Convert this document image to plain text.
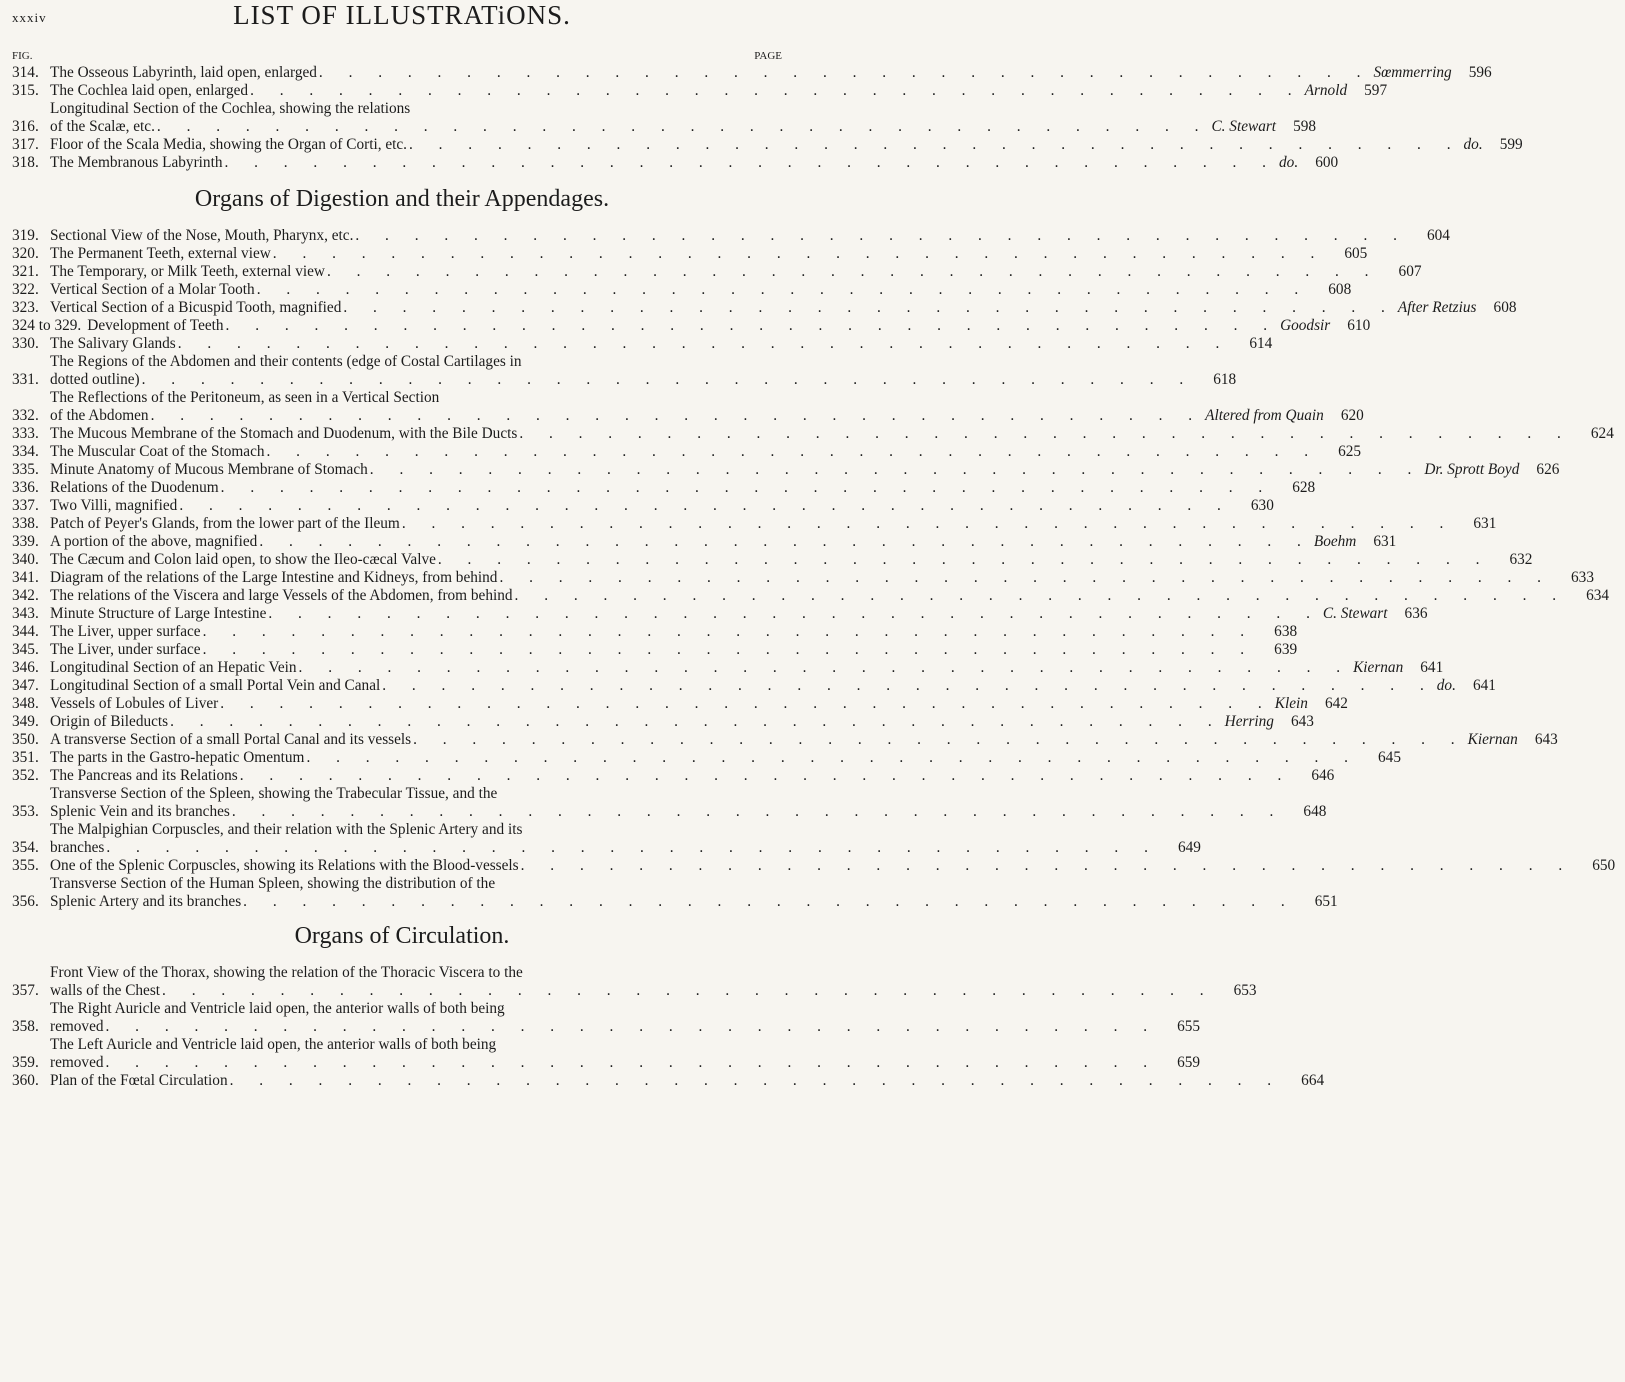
xxxiv	LIST OF ILLUSTRATiONS.
FIG.	PAGE
314. The Osseous Labyrinth, laid open, enlarged . . . . . . . . . . . . . . . . . . . . . . . . . . . . . . . . . . . . Sœmmerring	596
315. The Cochlea laid open, enlarged . . . . . . . . . . . . . . . . . . . . . . . . . . . . . . . . . . . . Arnold	597
316.
Longitudinal Section of the Cochlea, showing the relations
of the Scalæ, etc. . . . . . . . . . . . . . . . . . . . . . . . . . . . . . . . . . . . . C. Stewart	598
317. Floor of the Scala Media, showing the Organ of Corti, etc. . . . . . . . . . . . . . . . . . . . . . . . . . . . . . . . . . . . . do.	599
318. The Membranous Labyrinth . . . . . . . . . . . . . . . . . . . . . . . . . . . . . . . . . . . . do.	600
Organs of Digestion and their Appendages.
319. Sectional View of the Nose, Mouth, Pharynx, etc. . . . . . . . . . . . . . . . . . . . . . . . . . . . . . . . . . . . .	604
320. The Permanent Teeth, external view . . . . . . . . . . . . . . . . . . . . . . . . . . . . . . . . . . . .	605
321. The Temporary, or Milk Teeth, external view . . . . . . . . . . . . . . . . . . . . . . . . . . . . . . . . . . . .	607
322. Vertical Section of a Molar Tooth . . . . . . . . . . . . . . . . . . . . . . . . . . . . . . . . . . . .	608
323. Vertical Section of a Bicuspid Tooth, magnified . . . . . . . . . . . . . . . . . . . . . . . . . . . . . . . . . . . . After Retzius	608
324 to 329. Development of Teeth . . . . . . . . . . . . . . . . . . . . . . . . . . . . . . . . . . . . Goodsir	610
330. The Salivary Glands . . . . . . . . . . . . . . . . . . . . . . . . . . . . . . . . . . . .	614
331.
The Regions of the Abdomen and their contents (edge of Costal Cartilages in
dotted outline) . . . . . . . . . . . . . . . . . . . . . . . . . . . . . . . . . . . .	618
332.
The Reflections of the Peritoneum, as seen in a Vertical Section
of the Abdomen . . . . . . . . . . . . . . . . . . . . . . . . . . . . . . . . . . . . Altered from Quain	620
333. The Mucous Membrane of the Stomach and Duodenum, with the Bile Ducts . . . . . . . . . . . . . . . . . . . . . . . . . . . . . . . . . . . .	624
334. The Muscular Coat of the Stomach . . . . . . . . . . . . . . . . . . . . . . . . . . . . . . . . . . . .	625
335. Minute Anatomy of Mucous Membrane of Stomach . . . . . . . . . . . . . . . . . . . . . . . . . . . . . . . . . . . . Dr. Sprott Boyd	626
336. Relations of the Duodenum . . . . . . . . . . . . . . . . . . . . . . . . . . . . . . . . . . . .	628
337. Two Villi, magnified . . . . . . . . . . . . . . . . . . . . . . . . . . . . . . . . . . . .	630
338. Patch of Peyer's Glands, from the lower part of the Ileum . . . . . . . . . . . . . . . . . . . . . . . . . . . . . . . . . . . .	631
339. A portion of the above, magnified . . . . . . . . . . . . . . . . . . . . . . . . . . . . . . . . . . . . Boehm	631
340. The Cæcum and Colon laid open, to show the Ileo-cæcal Valve . . . . . . . . . . . . . . . . . . . . . . . . . . . . . . . . . . . .	632
341. Diagram of the relations of the Large Intestine and Kidneys, from behind . . . . . . . . . . . . . . . . . . . . . . . . . . . . . . . . . . . .	633
342. The relations of the Viscera and large Vessels of the Abdomen, from behind . . . . . . . . . . . . . . . . . . . . . . . . . . . . . . . . . . . .	634
343. Minute Structure of Large Intestine . . . . . . . . . . . . . . . . . . . . . . . . . . . . . . . . . . . . C. Stewart	636
344. The Liver, upper surface . . . . . . . . . . . . . . . . . . . . . . . . . . . . . . . . . . . .	638
345. The Liver, under surface . . . . . . . . . . . . . . . . . . . . . . . . . . . . . . . . . . . .	639
346. Longitudinal Section of an Hepatic Vein . . . . . . . . . . . . . . . . . . . . . . . . . . . . . . . . . . . . Kiernan	641
347. Longitudinal Section of a small Portal Vein and Canal . . . . . . . . . . . . . . . . . . . . . . . . . . . . . . . . . . . . do.	641
348. Vessels of Lobules of Liver . . . . . . . . . . . . . . . . . . . . . . . . . . . . . . . . . . . . Klein	642
349. Origin of Bileducts . . . . . . . . . . . . . . . . . . . . . . . . . . . . . . . . . . . . Herring	643
350. A transverse Section of a small Portal Canal and its vessels . . . . . . . . . . . . . . . . . . . . . . . . . . . . . . . . . . . . Kiernan	643
351. The parts in the Gastro-hepatic Omentum . . . . . . . . . . . . . . . . . . . . . . . . . . . . . . . . . . . .	645
352. The Pancreas and its Relations . . . . . . . . . . . . . . . . . . . . . . . . . . . . . . . . . . . .	646
353.
Transverse Section of the Spleen, showing the Trabecular Tissue, and the
Splenic Vein and its branches . . . . . . . . . . . . . . . . . . . . . . . . . . . . . . . . . . . .	648
354.
The Malpighian Corpuscles, and their relation with the Splenic Artery and its
branches . . . . . . . . . . . . . . . . . . . . . . . . . . . . . . . . . . . .	649
355. One of the Splenic Corpuscles, showing its Relations with the Blood-vessels . . . . . . . . . . . . . . . . . . . . . . . . . . . . . . . . . . . .	650
356.
Transverse Section of the Human Spleen, showing the distribution of the
Splenic Artery and its branches . . . . . . . . . . . . . . . . . . . . . . . . . . . . . . . . . . . .	651
Organs of Circulation.
357.
Front View of the Thorax, showing the relation of the Thoracic Viscera to the
walls of the Chest . . . . . . . . . . . . . . . . . . . . . . . . . . . . . . . . . . . .	653
358.
The Right Auricle and Ventricle laid open, the anterior walls of both being
removed . . . . . . . . . . . . . . . . . . . . . . . . . . . . . . . . . . . .	655
359.
The Left Auricle and Ventricle laid open, the anterior walls of both being
removed . . . . . . . . . . . . . . . . . . . . . . . . . . . . . . . . . . . .	659
360. Plan of the Fœtal Circulation . . . . . . . . . . . . . . . . . . . . . . . . . . . . . . . . . . . .	664
